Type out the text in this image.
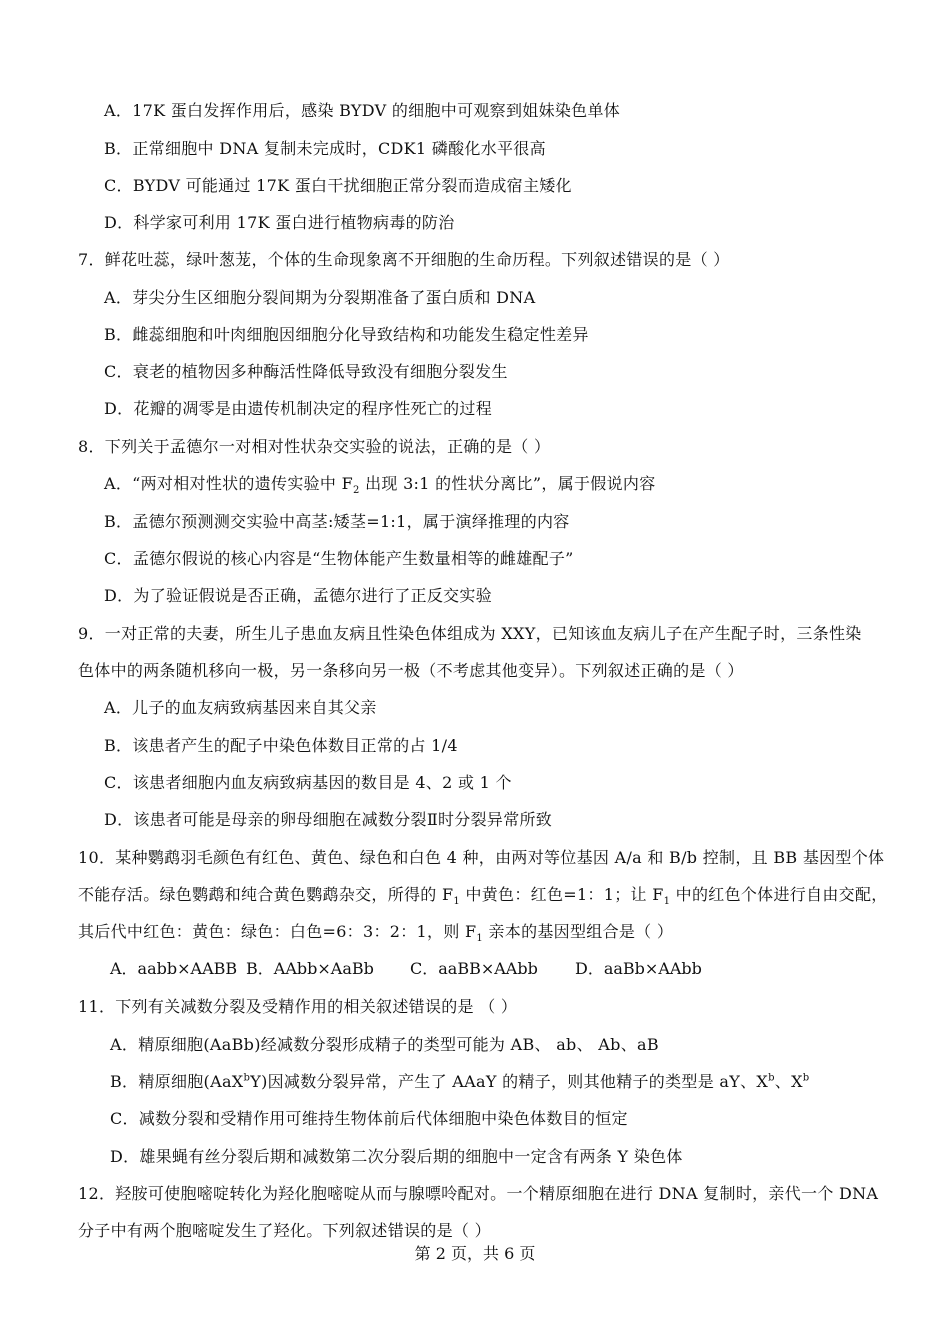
A．17K 蛋白发挥作用后，感染 BYDV 的细胞中可观察到姐妹染色单体
B．正常细胞中 DNA 复制未完成时，CDK1 磷酸化水平很高
C．BYDV 可能通过 17K 蛋白干扰细胞正常分裂而造成宿主矮化
D．科学家可利用 17K 蛋白进行植物病毒的防治
7．鲜花吐蕊，绿叶葱茏，个体的生命现象离不开细胞的生命历程。下列叙述错误的是（ ）
A．芽尖分生区细胞分裂间期为分裂期准备了蛋白质和 DNA
B．雌蕊细胞和叶肉细胞因细胞分化导致结构和功能发生稳定性差异
C．衰老的植物因多种酶活性降低导致没有细胞分裂发生
D．花瓣的凋零是由遗传机制决定的程序性死亡的过程
8．下列关于孟德尔一对相对性状杂交实验的说法，正确的是（ ）
A．“两对相对性状的遗传实验中 $F_2$ 出现 3:1 的性状分离比”，属于假说内容
B．孟德尔预测测交实验中高茎:矮茎=1:1，属于演绎推理的内容
C．孟德尔假说的核心内容是“生物体能产生数量相等的雌雄配子”
D．为了验证假说是否正确，孟德尔进行了正反交实验
9．一对正常的夫妻，所生儿子患血友病且性染色体组成为 XXY，已知该血友病儿子在产生配子时，三条性染
色体中的两条随机移向一极，另一条移向另一极（不考虑其他变异）。下列叙述正确的是（ ）
A．儿子的血友病致病基因来自其父亲
B．该患者产生的配子中染色体数目正常的占 1/4
C．该患者细胞内血友病致病基因的数目是 4、2 或 1 个
D．该患者可能是母亲的卵母细胞在减数分裂Ⅱ时分裂异常所致
10．某种鹦鹉羽毛颜色有红色、黄色、绿色和白色 4 种，由两对等位基因 A/a 和 B/b 控制，且 BB 基因型个体
不能存活。绿色鹦鹉和纯合黄色鹦鹉杂交，所得的 $F_1$ 中黄色：红色=1：1；让 $F_1$ 中的红色个体进行自由交配，
其后代中红色：黄色：绿色：白色=6：3：2：1，则 $F_1$ 亲本的基因型组合是（ ）
A．aabb×AABB B．AAbb×AaBb C．aaBB×AAbb D．aaBb×AAbb
11．下列有关减数分裂及受精作用的相关叙述错误的是 （ ）
A．精原细胞(AaBb)经减数分裂形成精子的类型可能为 AB、 ab、 Ab、aB
B．精原细胞(AaX$^b$Y)因减数分裂异常，产生了 AAaY 的精子，则其他精子的类型是 aY、$X^b$、$X^b$
C．减数分裂和受精作用可维持生物体前后代体细胞中染色体数目的恒定
D．雄果蝇有丝分裂后期和减数第二次分裂后期的细胞中一定含有两条 Y 染色体
12．羟胺可使胞嘧啶转化为羟化胞嘧啶从而与腺嘌呤配对。一个精原细胞在进行 DNA 复制时，亲代一个 DNA
分子中有两个胞嘧啶发生了羟化。下列叙述错误的是（ ）
第 2 页，共 6 页
